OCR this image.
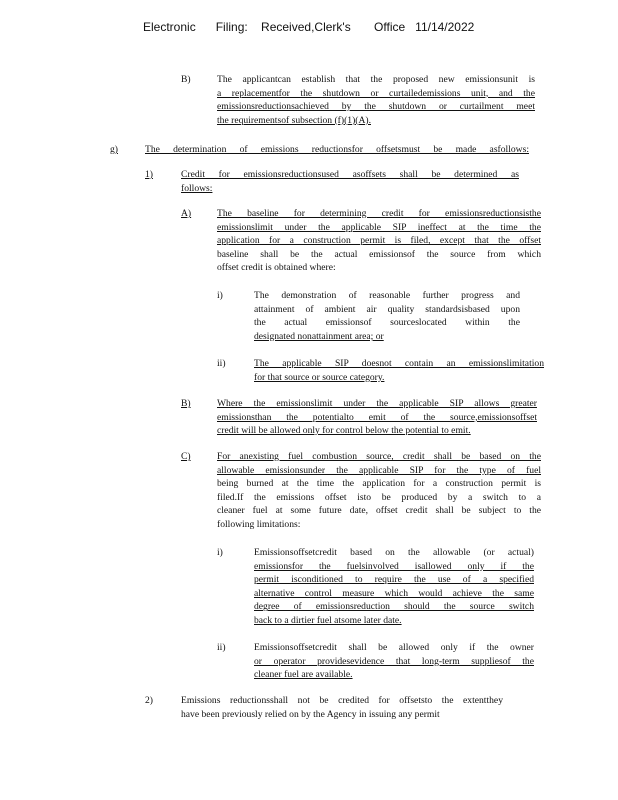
Electronic      Filing:    Received,Clerk's       Office   11/14/2022
B)	The applicantcan establish that the proposed new emissionsunit is
a replacementfor the shutdown or curtailedemissions unit, and the
emissionsreductionsachieved by the shutdown or curtailment meet
the requirementsof subsection (f)(1)(A).
g)	The determination of emissions reductionsfor offsetsmust be made asfollows:
1)	Credit for emissionsreductionsused asoffsets shall be determined as
follows:
A)	The baseline for determining credit for emissionsreductionsisthe
emissionslimit under the applicable SIP ineffect at the time the
application for a construction permit is filed, except that the offset
baseline shall be the actual emissionsof the source from which
offset credit is obtained where:
i)	The demonstration of reasonable further progress and
attainment of ambient air quality standardsisbased upon
the actual emissionsof sourceslocated within the
designated nonattainment area; or
ii)	The applicable SIP doesnot contain an emissionslimitation
for that source or source category.
B)	Where the emissionslimit under the applicable SIP allows greater
emissionsthan the potentialto emit of the source,emissionsoffset
credit will be allowed only for control below the potential to emit.
C)	For anexisting fuel combustion source, credit shall be based on the
allowable emissionsunder the applicable SIP for the type of fuel
being burned at the time the application for a construction permit is
filed.If the emissions offset isto be produced by a switch to a
cleaner fuel at some future date, offset credit shall be subject to the
following limitations:
i)	Emissionsoffsetcredit based on the allowable (or actual)
emissionsfor the fuelsinvolved isallowed only if the
permit isconditioned to require the use of a specified
alternative control measure which would achieve the same
degree of emissionsreduction should the source switch
back to a dirtier fuel atsome later date.
ii)	Emissionsoffsetcredit shall be allowed only if the owner
or operator providesevidence that long-term suppliesof the
cleaner fuel are available.
2)	Emissions reductionsshall not be credited for offsetsto the extentthey
have been previously relied on by the Agency in issuing any permit
